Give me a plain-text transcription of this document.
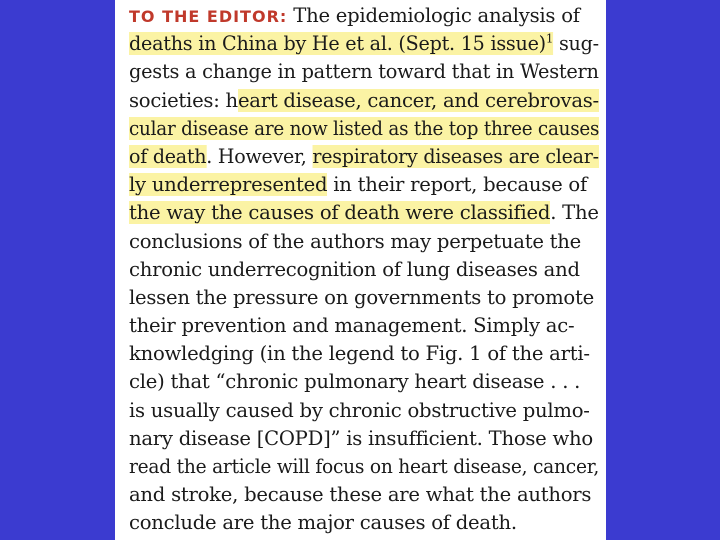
TO THE EDITOR: The epidemiologic analysis of
deaths in China by He et al. (Sept. 15 issue)$^1$ sug-
gests a change in pattern toward that in Western
societies: heart disease, cancer, and cerebrovas-
cular disease are now listed as the top three causes
of death. However, respiratory diseases are clear-
ly underrepresented in their report, because of
the way the causes of death were classified. The
conclusions of the authors may perpetuate the
chronic underrecognition of lung diseases and
lessen the pressure on governments to promote
their prevention and management. Simply ac-
knowledging (in the legend to Fig. 1 of the arti-
cle) that “chronic pulmonary heart disease . . .
is usually caused by chronic obstructive pulmo-
nary disease [COPD]” is insufficient. Those who
read the article will focus on heart disease, cancer,
and stroke, because these are what the authors
conclude are the major causes of death.
